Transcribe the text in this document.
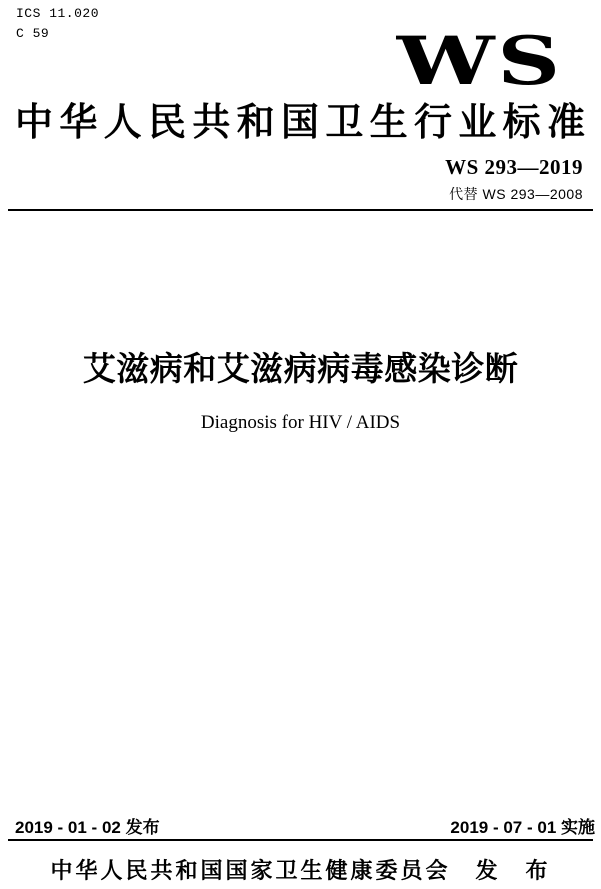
ICS 11.020
C 59	WS
中华人民共和国卫生行业标准
WS 293—2019
代替 WS 293—2008
艾滋病和艾滋病病毒感染诊断
Diagnosis for HIV / AIDS
2019 - 01 - 02 发布	2019 - 07 - 01 实施
中华人民共和国国家卫生健康委员会　发　布
